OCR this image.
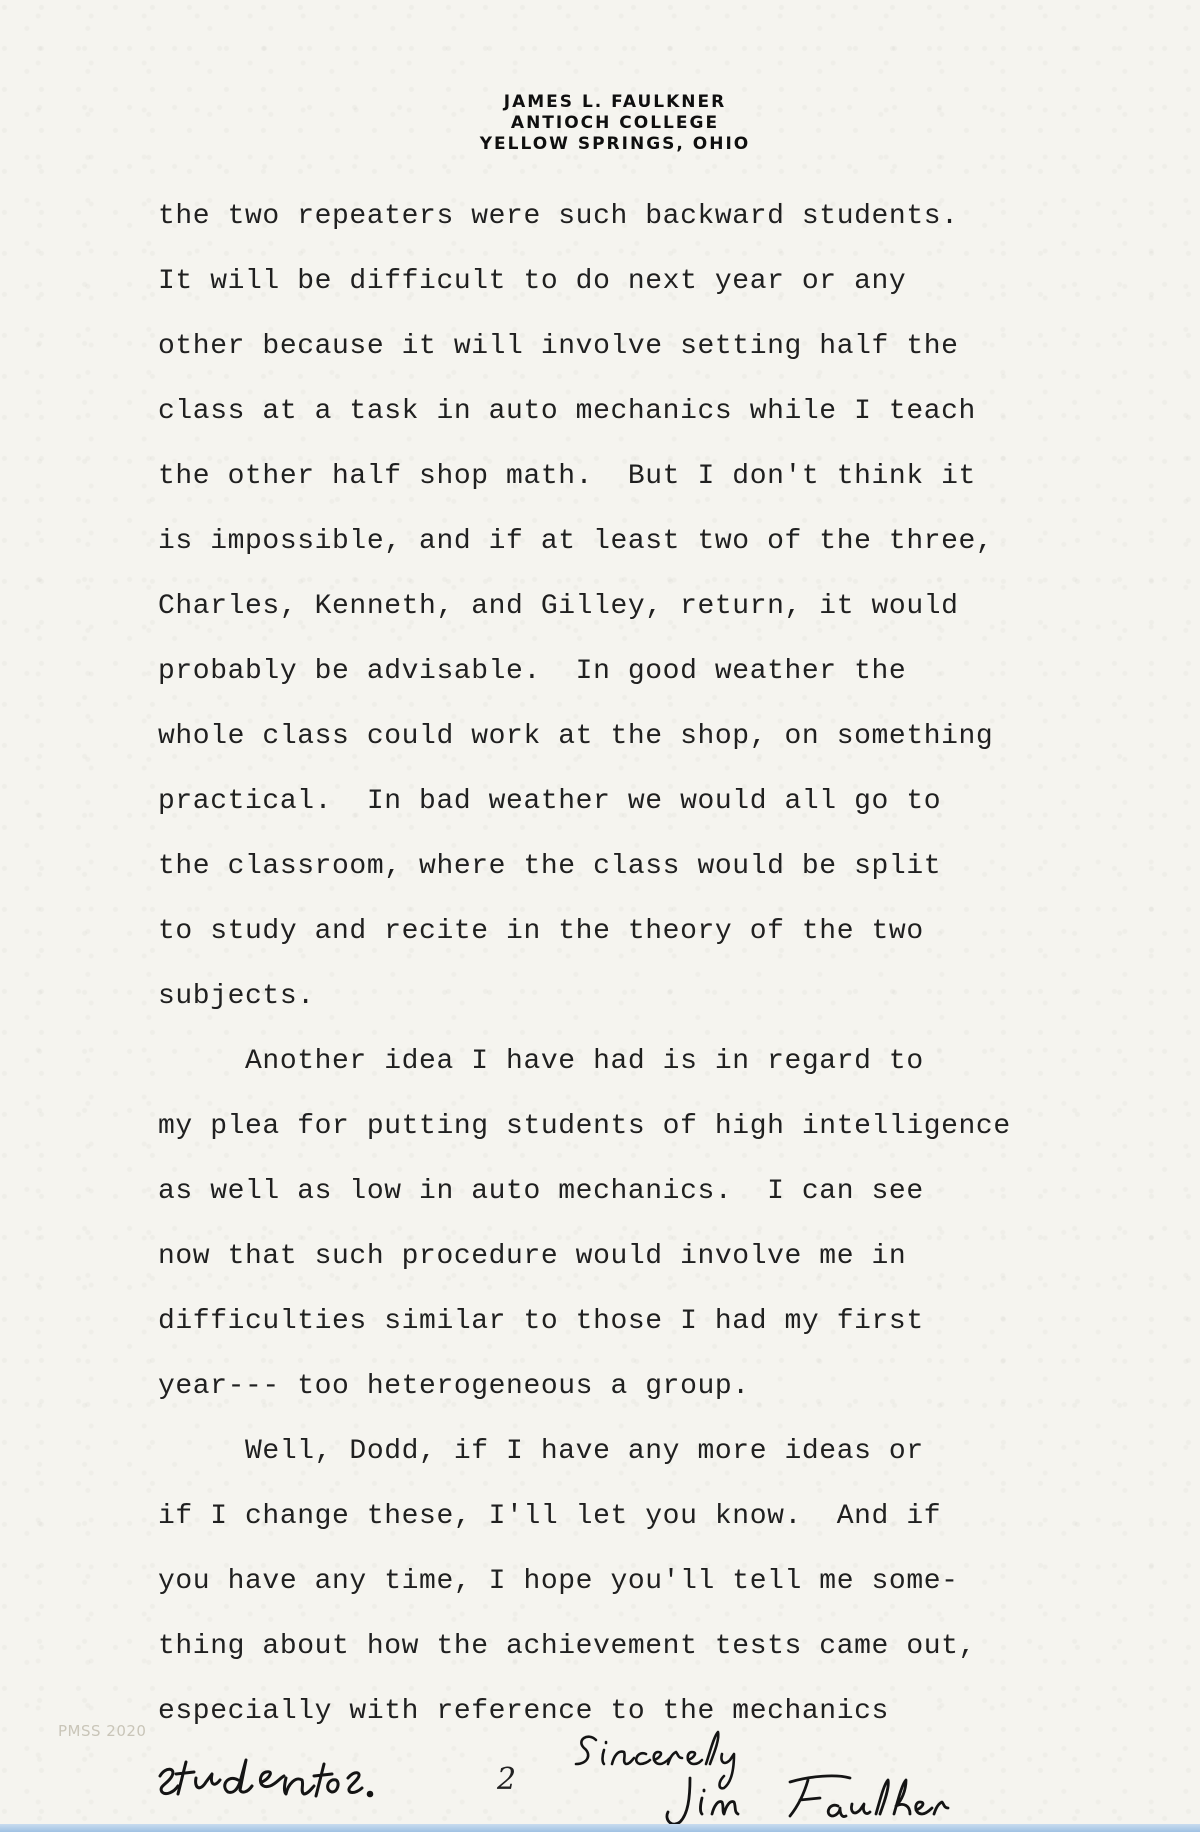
JAMES L. FAULKNER
ANTIOCH COLLEGE
YELLOW SPRINGS, OHIO
the two repeaters were such backward students.
It will be difficult to do next year or any
other because it will involve setting half the
class at a task in auto mechanics while I teach
the other half shop math.  But I don't think it
is impossible, and if at least two of the three,
Charles, Kenneth, and Gilley, return, it would
probably be advisable.  In good weather the
whole class could work at the shop, on something
practical.  In bad weather we would all go to
the classroom, where the class would be split
to study and recite in the theory of the two
subjects.
Another idea I have had is in regard to
my plea for putting students of high intelligence
as well as low in auto mechanics.  I can see
now that such procedure would involve me in
difficulties similar to those I had my first
year--- too heterogeneous a group.
Well, Dodd, if I have any more ideas or
if I change these, I'll let you know.  And if
you have any time, I hope you'll tell me some-
thing about how the achievement tests came out,
especially with reference to the mechanics
PMSS 2020
2
